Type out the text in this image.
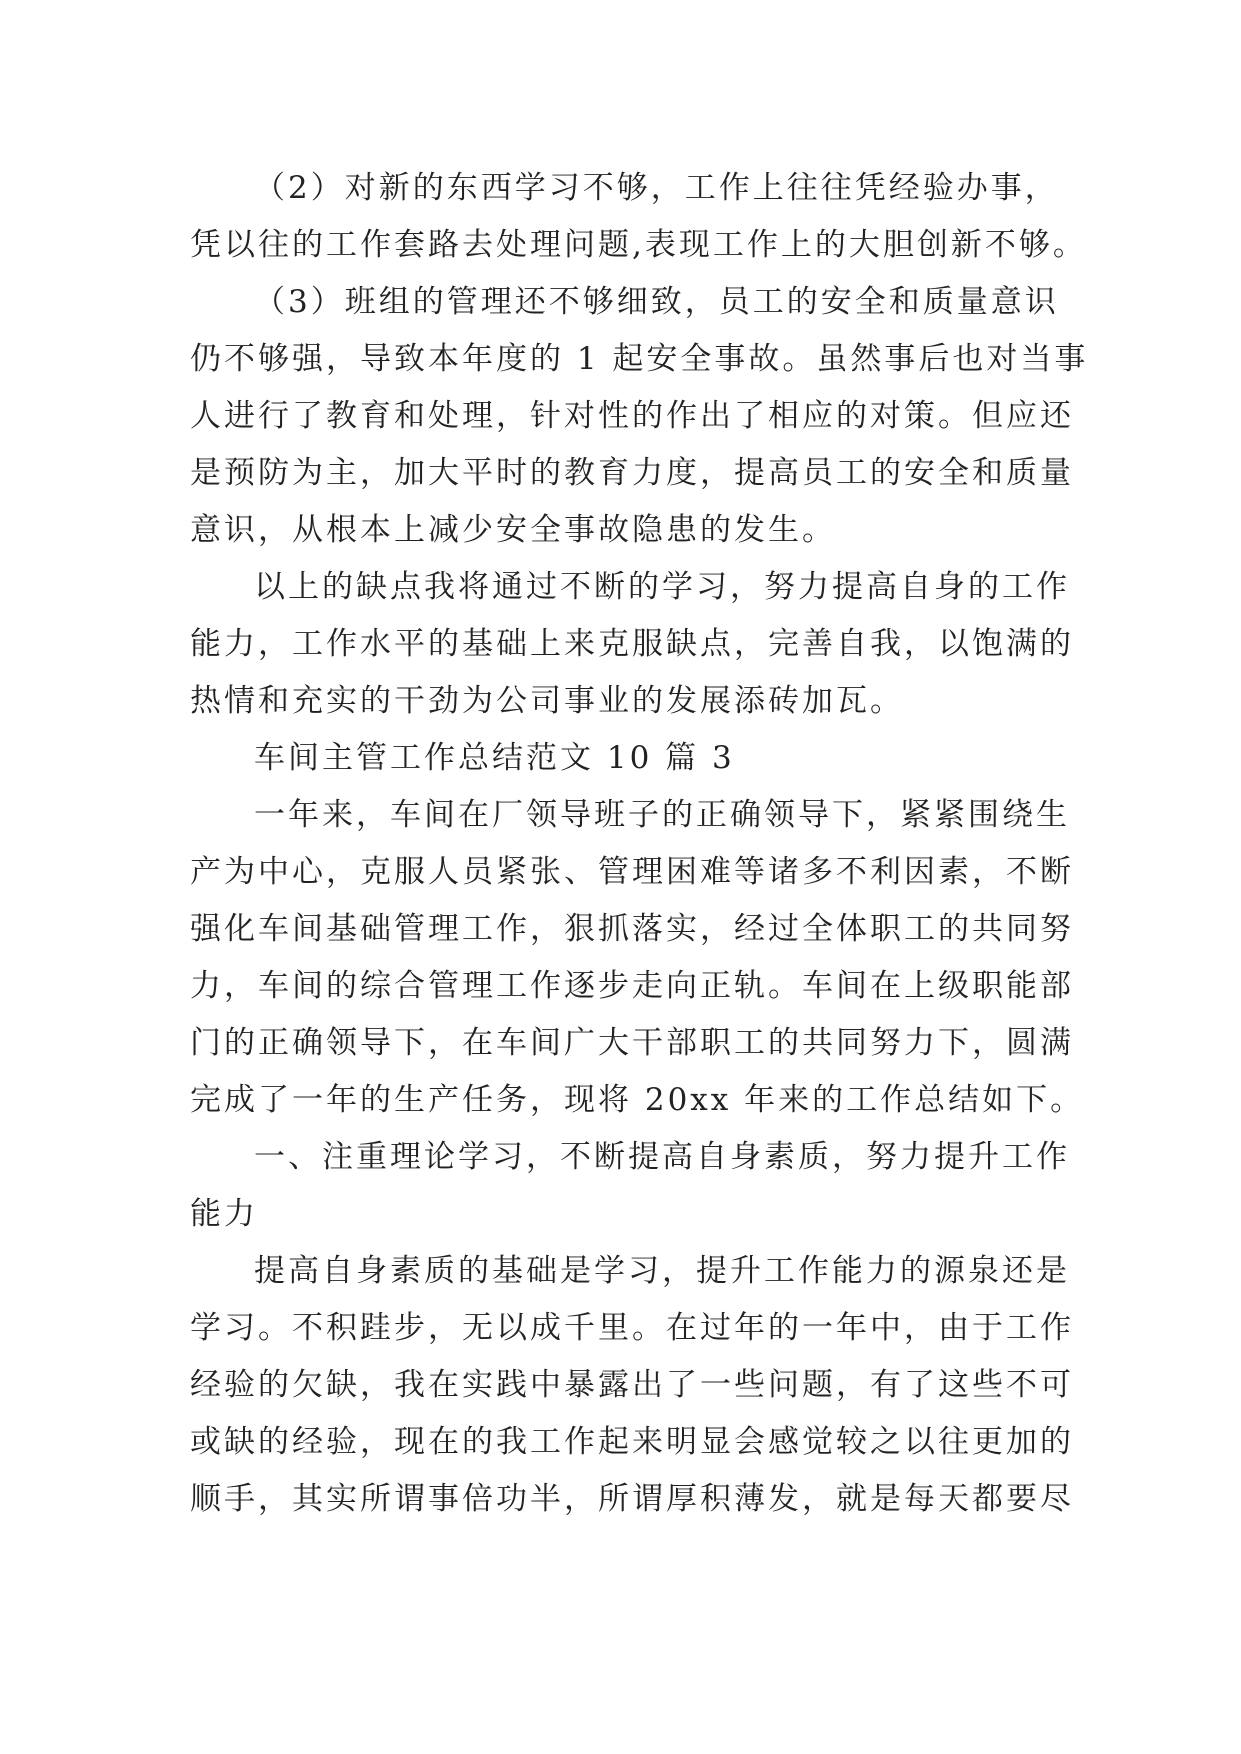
（2）对新的东西学习不够，工作上往往凭经验办事，
凭以往的工作套路去处理问题,表现工作上的大胆创新不够。
（3）班组的管理还不够细致，员工的安全和质量意识
仍不够强，导致本年度的 1 起安全事故。虽然事后也对当事
人进行了教育和处理，针对性的作出了相应的对策。但应还
是预防为主，加大平时的教育力度，提高员工的安全和质量
意识，从根本上减少安全事故隐患的发生。
以上的缺点我将通过不断的学习，努力提高自身的工作
能力，工作水平的基础上来克服缺点，完善自我，以饱满的
热情和充实的干劲为公司事业的发展添砖加瓦。
车间主管工作总结范文 10 篇 3
一年来，车间在厂领导班子的正确领导下，紧紧围绕生
产为中心，克服人员紧张、管理困难等诸多不利因素，不断
强化车间基础管理工作，狠抓落实，经过全体职工的共同努
力，车间的综合管理工作逐步走向正轨。车间在上级职能部
门的正确领导下，在车间广大干部职工的共同努力下，圆满
完成了一年的生产任务，现将 20xx 年来的工作总结如下。
一、注重理论学习，不断提高自身素质，努力提升工作
能力
提高自身素质的基础是学习，提升工作能力的源泉还是
学习。不积跬步，无以成千里。在过年的一年中，由于工作
经验的欠缺，我在实践中暴露出了一些问题，有了这些不可
或缺的经验，现在的我工作起来明显会感觉较之以往更加的
顺手，其实所谓事倍功半，所谓厚积薄发，就是每天都要尽
